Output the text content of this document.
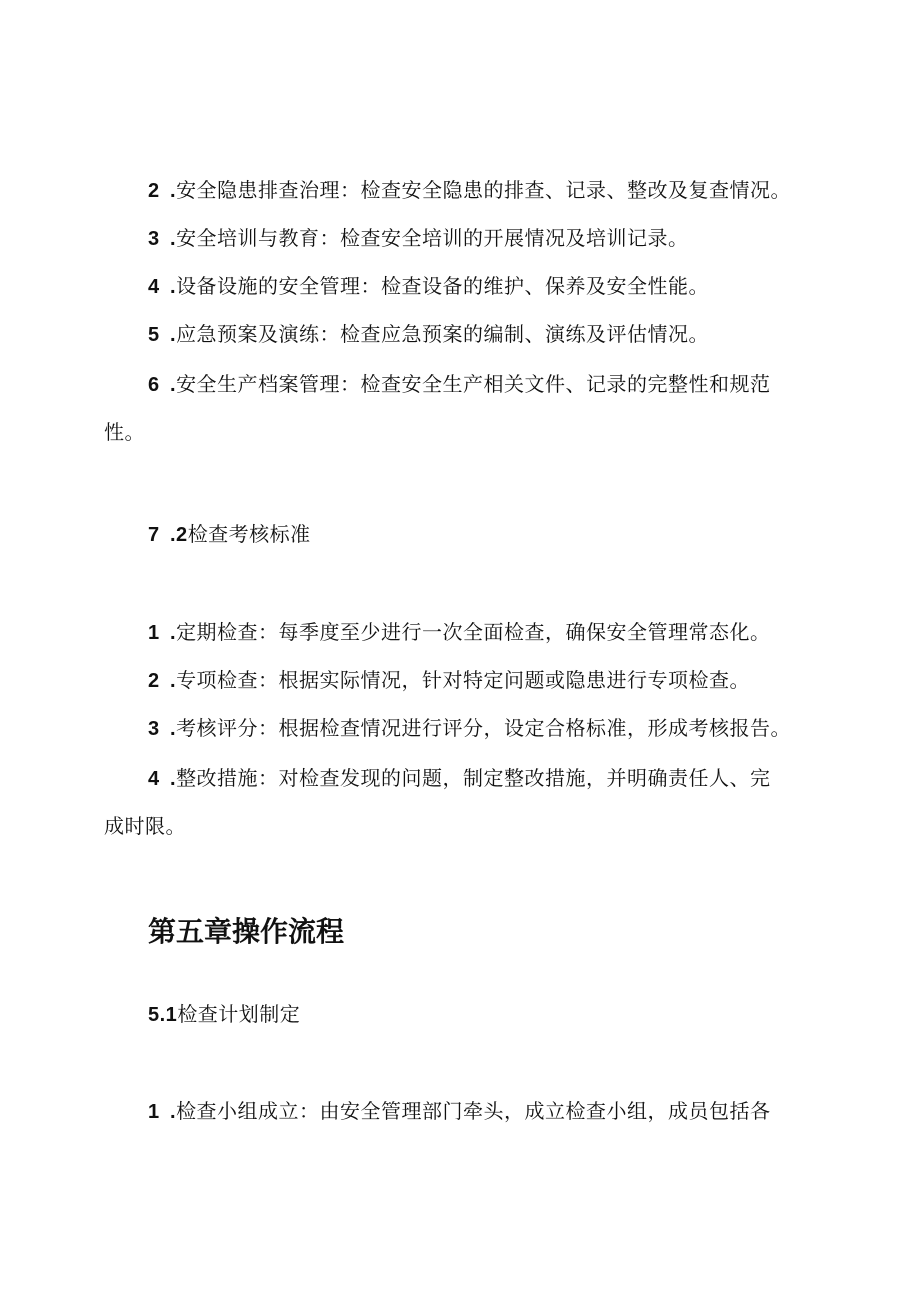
2 .安全隐患排查治理：检查安全隐患的排查、记录、整改及复查情况。
3 .安全培训与教育：检查安全培训的开展情况及培训记录。
4 .设备设施的安全管理：检查设备的维护、保养及安全性能。
5 .应急预案及演练：检查应急预案的编制、演练及评估情况。
6 .安全生产档案管理：检查安全生产相关文件、记录的完整性和规范
性。
7 .2检查考核标准
1 .定期检查：每季度至少进行一次全面检查，确保安全管理常态化。
2 .专项检查：根据实际情况，针对特定问题或隐患进行专项检查。
3 .考核评分：根据检查情况进行评分，设定合格标准，形成考核报告。
4 .整改措施：对检查发现的问题，制定整改措施，并明确责任人、完
成时限。
第五章操作流程
5.1检查计划制定
1 .检查小组成立：由安全管理部门牵头，成立检查小组，成员包括各
